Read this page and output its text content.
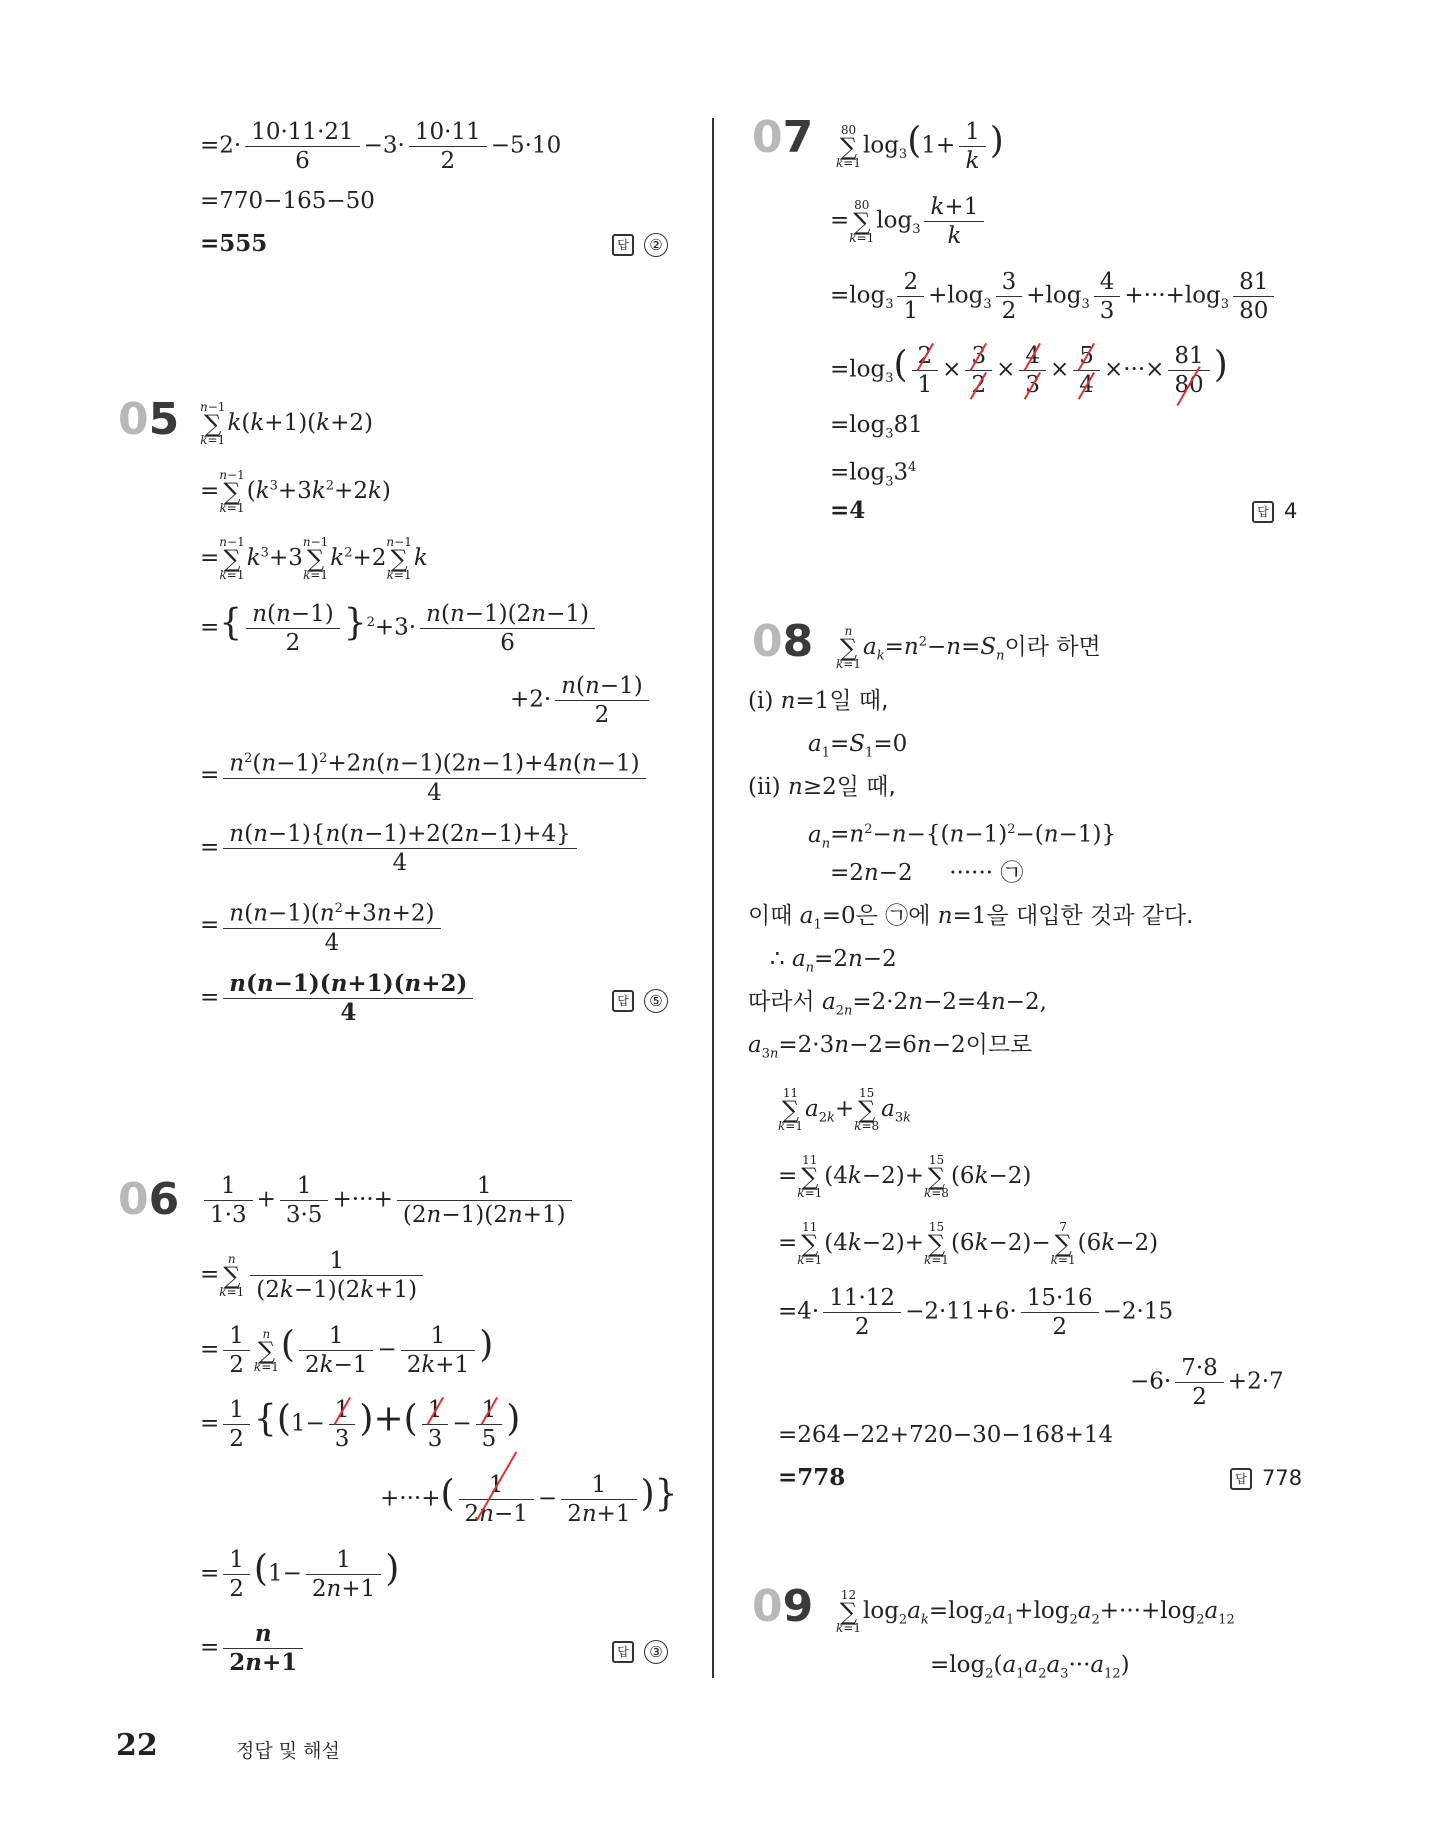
$=2\cdot \frac{10\cdot 11\cdot 21}{6} -3\cdot \frac{10\cdot 11}{2} -5\cdot 10$
=770−165−50
=555	답 ②
05 n−1
∑
k=1k(k+1)(k+2)
=n−1
∑
$k=1(k^3+3k^2+2k)$
=n−1
∑
$k=1k^3+3n-1$
∑
$k=1k^2+2n-1$
∑
k=1k
={ $\frac{n(n-1)}{2} \}^2+3\cdot \frac{n(n-1)(2n-1)}{6}$
$+2\cdot \frac{n(n-1)}{2}$
= $\frac{n^2(n-1)^2+2n(n-1)(2n-1)+4n(n-1)}{4}$
= $\frac{n(n-1)\{n(n-1)+2(2n-1)+4\}}{4}$
= $\frac{n(n-1)(n^2+3n+2)}{4}$
= $\frac{n(n-1)(n+1)(n+2)}{4}$	답 ⑤
$06 \frac{1}{1\cdot 3} + \frac{1}{3\cdot 5}$ +···+ $\frac{1}{(2n-1)(2n+1)}$
=n
∑
$k=1 \frac{1}{(2k-1)(2k+1)}$
= $\frac{1}{2}$ n
∑
$k=1( \frac{1}{2k-1} - \frac{1}{2k+1}$ )
= $\frac{1}{2} \{(1- \frac{1}{3}$ )+( $\frac{1}{3} - \frac{1}{5}$ )
+···+( $\frac{1}{2n-1} - \frac{1}{2n+1}$ )}
= $\frac{1}{2} (1- \frac{1}{2n+1}$ )
= $\frac{n}{2n+1}$	답 ③
07	80
∑
$k=1\log_3(1+ \frac{1}{k}$ )
=80
∑
$k=1\log_3 \frac{k+1}{k}$
$=\log_3 \frac{2}{1} +\log_3 \frac{3}{2} +\log_3 \frac{4}{3} +\cdot\cdot\cdot+\log_3 \frac{81}{80}$
$=\log_3( \frac{2}{1} \times \frac{3}{2} \times \frac{4}{3} \times \frac{5}{4}$ ×···× $\frac{81}{80}$ )
$=\log_381$
$=\log_33^4$
=4	답 4
08	n
∑
$k=1a_k=n^2-n=S_n$이라 하면
(ⅰ) n=1일 때,
$a_1=S_1=0$
(ⅱ) n≥2일 때,
$a_n=n^2-n-\{(n-1)^2-(n-1)\}$
=2n−2     ······ ㉠
이때 $a_1=0$은 ㉠에 n=1을 대입한 것과 같다.
∴ $a_n=2n-2$
따라서 $a_{2n}=2\cdot 2n-2=4n-2$,
$a_{3n}=2\cdot 3n-2=6n-2$이므로
11
∑
$k=1a_{2k}+15$
∑
$k=8a_{3k}$
=11
∑
k=1(4k−2)+15
∑
k=8(6k−2)
=11
∑
k=1(4k−2)+15
∑
k=1(6k−2)−7
∑
k=1(6k−2)
$=4\cdot \frac{11\cdot 12}{2} -2\cdot 11+6\cdot \frac{15\cdot 16}{2} -2\cdot 15$
$-6\cdot \frac{7\cdot 8}{2} +2\cdot 7$
=264−22+720−30−168+14
=778	답 778
09	12
∑
$k=1\log_2a_k=\log_2a_1+\log_2a_2+\cdot\cdot\cdot+\log_2a_{12}$
$=\log_2(a_1a_2a_3\cdot\cdot\cdot a_{12})$
22	정답 및 해설
